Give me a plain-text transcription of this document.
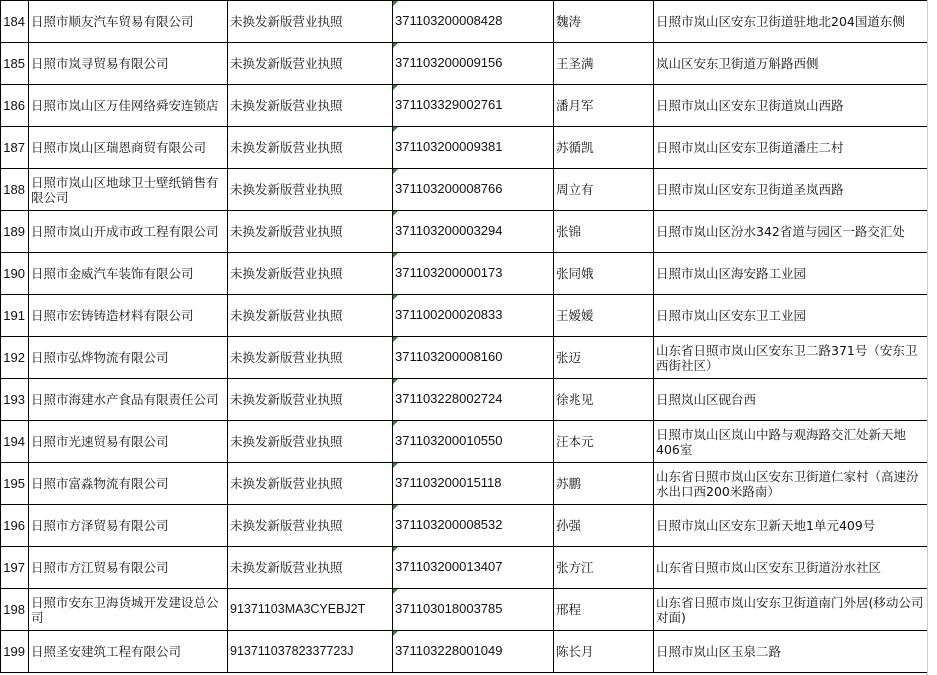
184	日照市顺友汽车贸易有限公司	未换发新版营业执照	371103200008428	魏涛	日照市岚山区安东卫街道驻地北204国道东侧
185	日照市岚寻贸易有限公司	未换发新版营业执照	371103200009156	王圣满	岚山区安东卫街道万斛路西侧
186	日照市岚山区万佳网络舜安连锁店	未换发新版营业执照	371103329002761	潘月军	日照市岚山区安东卫街道岚山西路
187	日照市岚山区瑞恩商贸有限公司	未换发新版营业执照	371103200009381	苏循凯	日照市岚山区安东卫街道潘庄二村
188	日照市岚山区地球卫士壁纸销售有限公司	未换发新版营业执照	371103200008766	周立有	日照市岚山区安东卫街道圣岚西路
189	日照市岚山开成市政工程有限公司	未换发新版营业执照	371103200003294	张锦	日照市岚山区汾水342省道与园区一路交汇处
190	日照市金威汽车装饰有限公司	未换发新版营业执照	371103200000173	张同娥	日照市岚山区海安路工业园
191	日照市宏铸铸造材料有限公司	未换发新版营业执照	371100200020833	王嫒嫒	日照市岚山区安东卫工业园
192	日照市弘烨物流有限公司	未换发新版营业执照	371103200008160	张迈	山东省日照市岚山区安东卫二路371号（安东卫西街社区）
193	日照市海建水产食品有限责任公司	未换发新版营业执照	371103228002724	徐兆见	日照岚山区砚台西
194	日照市光速贸易有限公司	未换发新版营业执照	371103200010550	汪本元	日照市岚山区岚山中路与观海路交汇处新天地406室
195	日照市富淼物流有限公司	未换发新版营业执照	371103200015118	苏鹏	山东省日照市岚山区安东卫街道仁家村（高速汾水出口西200米路南）
196	日照市方泽贸易有限公司	未换发新版营业执照	371103200008532	孙强	日照市岚山区安东卫新天地1单元409号
197	日照市方江贸易有限公司	未换发新版营业执照	371103200013407	张方江	山东省日照市岚山区安东卫街道汾水社区
198	日照市安东卫海货城开发建设总公司	91371103MA3CYEBJ2T	371103018003785	邢程	山东省日照市岚山安东卫街道南门外居(移动公司对面)
199	日照圣安建筑工程有限公司	91371103782337723J	371103228001049	陈长月	日照市岚山区玉泉二路
